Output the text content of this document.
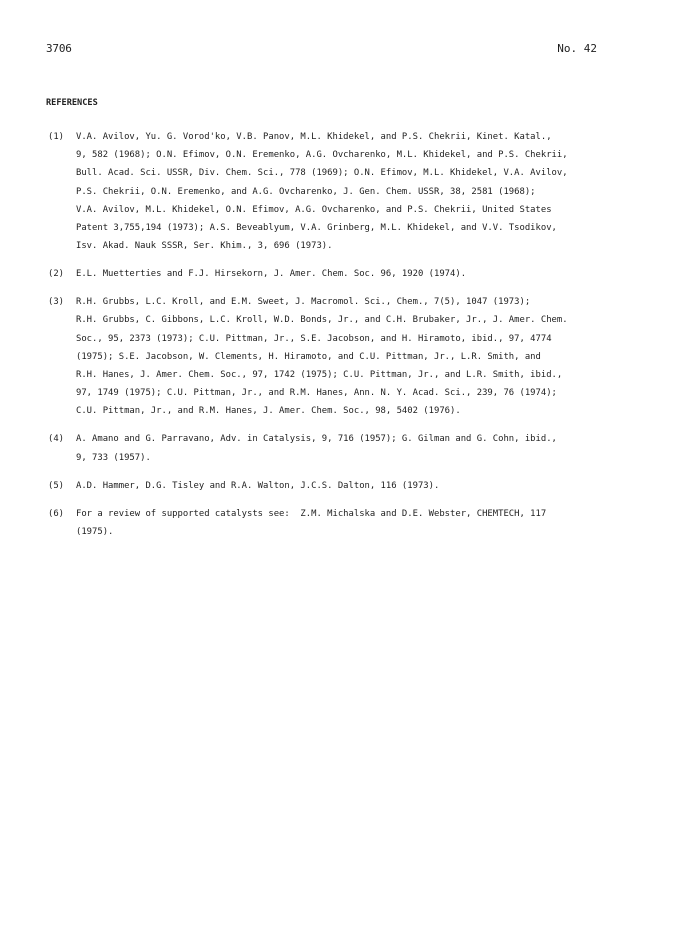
3706	No. 42
REFERENCES
(1)	V.A. Avilov, Yu. G. Vorod'ko, V.B. Panov, M.L. Khidekel, and P.S. Chekrii, Kinet. Katal.,
9, 582 (1968); O.N. Efimov, O.N. Eremenko, A.G. Ovcharenko, M.L. Khidekel, and P.S. Chekrii,
Bull. Acad. Sci. USSR, Div. Chem. Sci., 778 (1969); O.N. Efimov, M.L. Khidekel, V.A. Avilov,
P.S. Chekrii, O.N. Eremenko, and A.G. Ovcharenko, J. Gen. Chem. USSR, 38, 2581 (1968);
V.A. Avilov, M.L. Khidekel, O.N. Efimov, A.G. Ovcharenko, and P.S. Chekrii, United States
Patent 3,755,194 (1973); A.S. Beveablyum, V.A. Grinberg, M.L. Khidekel, and V.V. Tsodikov,
Isv. Akad. Nauk SSSR, Ser. Khim., 3, 696 (1973).
(2)	E.L. Muetterties and F.J. Hirsekorn, J. Amer. Chem. Soc. 96, 1920 (1974).
(3)	R.H. Grubbs, L.C. Kroll, and E.M. Sweet, J. Macromol. Sci., Chem., 7(5), 1047 (1973);
R.H. Grubbs, C. Gibbons, L.C. Kroll, W.D. Bonds, Jr., and C.H. Brubaker, Jr., J. Amer. Chem.
Soc., 95, 2373 (1973); C.U. Pittman, Jr., S.E. Jacobson, and H. Hiramoto, ibid., 97, 4774
(1975); S.E. Jacobson, W. Clements, H. Hiramoto, and C.U. Pittman, Jr., L.R. Smith, and
R.H. Hanes, J. Amer. Chem. Soc., 97, 1742 (1975); C.U. Pittman, Jr., and L.R. Smith, ibid.,
97, 1749 (1975); C.U. Pittman, Jr., and R.M. Hanes, Ann. N. Y. Acad. Sci., 239, 76 (1974);
C.U. Pittman, Jr., and R.M. Hanes, J. Amer. Chem. Soc., 98, 5402 (1976).
(4)	A. Amano and G. Parravano, Adv. in Catalysis, 9, 716 (1957); G. Gilman and G. Cohn, ibid.,
9, 733 (1957).
(5)	A.D. Hammer, D.G. Tisley and R.A. Walton, J.C.S. Dalton, 116 (1973).
(6)	For a review of supported catalysts see:  Z.M. Michalska and D.E. Webster, CHEMTECH, 117
(1975).
